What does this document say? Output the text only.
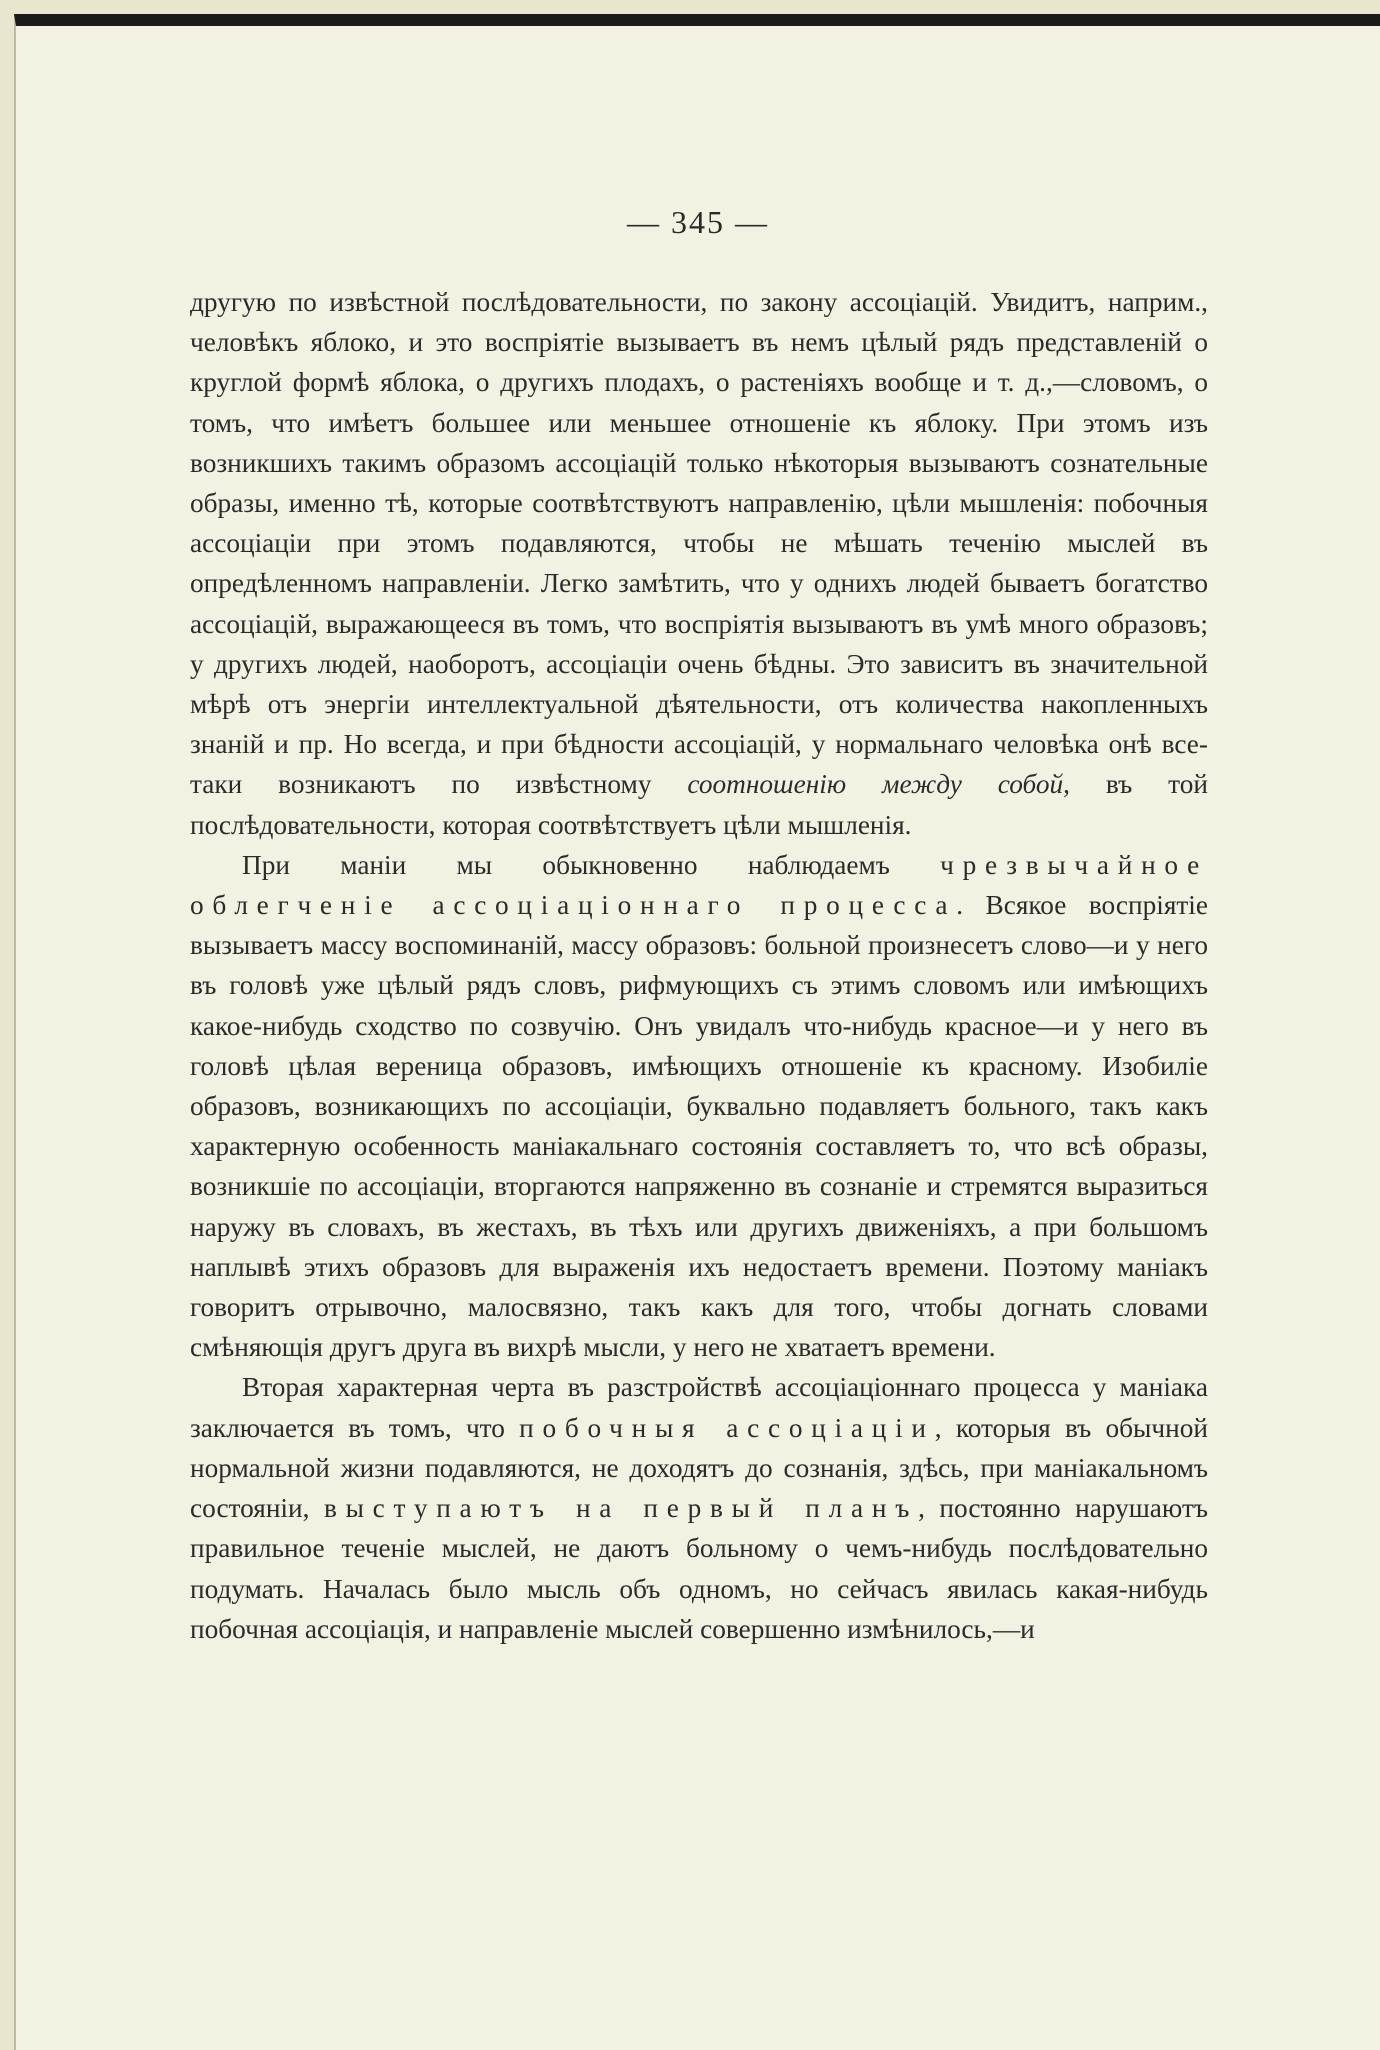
— 345 —

другую по извѣстной послѣдовательности, по закону ассоціацій. Увидитъ, наприм., человѣкъ яблоко, и это воспріятіе вызываетъ въ немъ цѣлый рядъ представленій о круглой формѣ яблока, о другихъ плодахъ, о растеніяхъ вообще и т. д.,—словомъ, о томъ, что имѣетъ большее или меньшее отношеніе къ яблоку. При этомъ изъ возникшихъ такимъ образомъ ассоціацій только нѣкоторыя вызываютъ сознательные образы, именно тѣ, которые соотвѣтствуютъ направленію, цѣли мышленія: побочныя ассоціаціи при этомъ подавляются, чтобы не мѣшать теченію мыслей въ опредѣленномъ направленіи. Легко замѣтить, что у однихъ людей бываетъ богатство ассоціацій, выражающееся въ томъ, что воспріятія вызываютъ въ умѣ много образовъ; у другихъ людей, наоборотъ, ассоціаціи очень бѣдны. Это зависитъ въ значительной мѣрѣ отъ энергіи интеллектуальной дѣятельности, отъ количества накопленныхъ знаній и пр. Но всегда, и при бѣдности ассоціацій, у нормальнаго человѣка онѣ все-таки возникаютъ по извѣстному соотношенію между собой, въ той послѣдовательности, которая соотвѣтствуетъ цѣли мышленія.

При маніи мы обыкновенно наблюдаемъ чрезвычайное облегченіе ассоціаціоннаго процесса. Всякое воспріятіе вызываетъ массу воспоминаній, массу образовъ: больной произнесетъ слово—и у него въ головѣ уже цѣлый рядъ словъ, рифмующихъ съ этимъ словомъ или имѣющихъ какое-нибудь сходство по созвучію. Онъ увидалъ что-нибудь красное—и у него въ головѣ цѣлая вереница образовъ, имѣющихъ отношеніе къ красному. Изобиліе образовъ, возникающихъ по ассоціаціи, буквально подавляетъ больного, такъ какъ характерную особенность маніакальнаго состоянія составляетъ то, что всѣ образы, возникшіе по ассоціаціи, вторгаются напряженно въ сознаніе и стремятся выразиться наружу въ словахъ, въ жестахъ, въ тѣхъ или другихъ движеніяхъ, а при большомъ наплывѣ этихъ образовъ для выраженія ихъ недостаетъ времени. Поэтому маніакъ говоритъ отрывочно, малосвязно, такъ какъ для того, чтобы догнать словами смѣняющія другъ друга въ вихрѣ мысли, у него не хватаетъ времени.

Вторая характерная черта въ разстройствѣ ассоціаціоннаго процесса у маніака заключается въ томъ, что побочныя ассоціаціи, которыя въ обычной нормальной жизни подавляются, не доходятъ до сознанія, здѣсь, при маніакальномъ состояніи, выступаютъ на первый планъ, постоянно нарушаютъ правильное теченіе мыслей, не даютъ больному о чемъ-нибудь послѣдовательно подумать. Началась было мысль объ одномъ, но сейчасъ явилась какая-нибудь побочная ассоціація, и направленіе мыслей совершенно измѣнилось,—и
